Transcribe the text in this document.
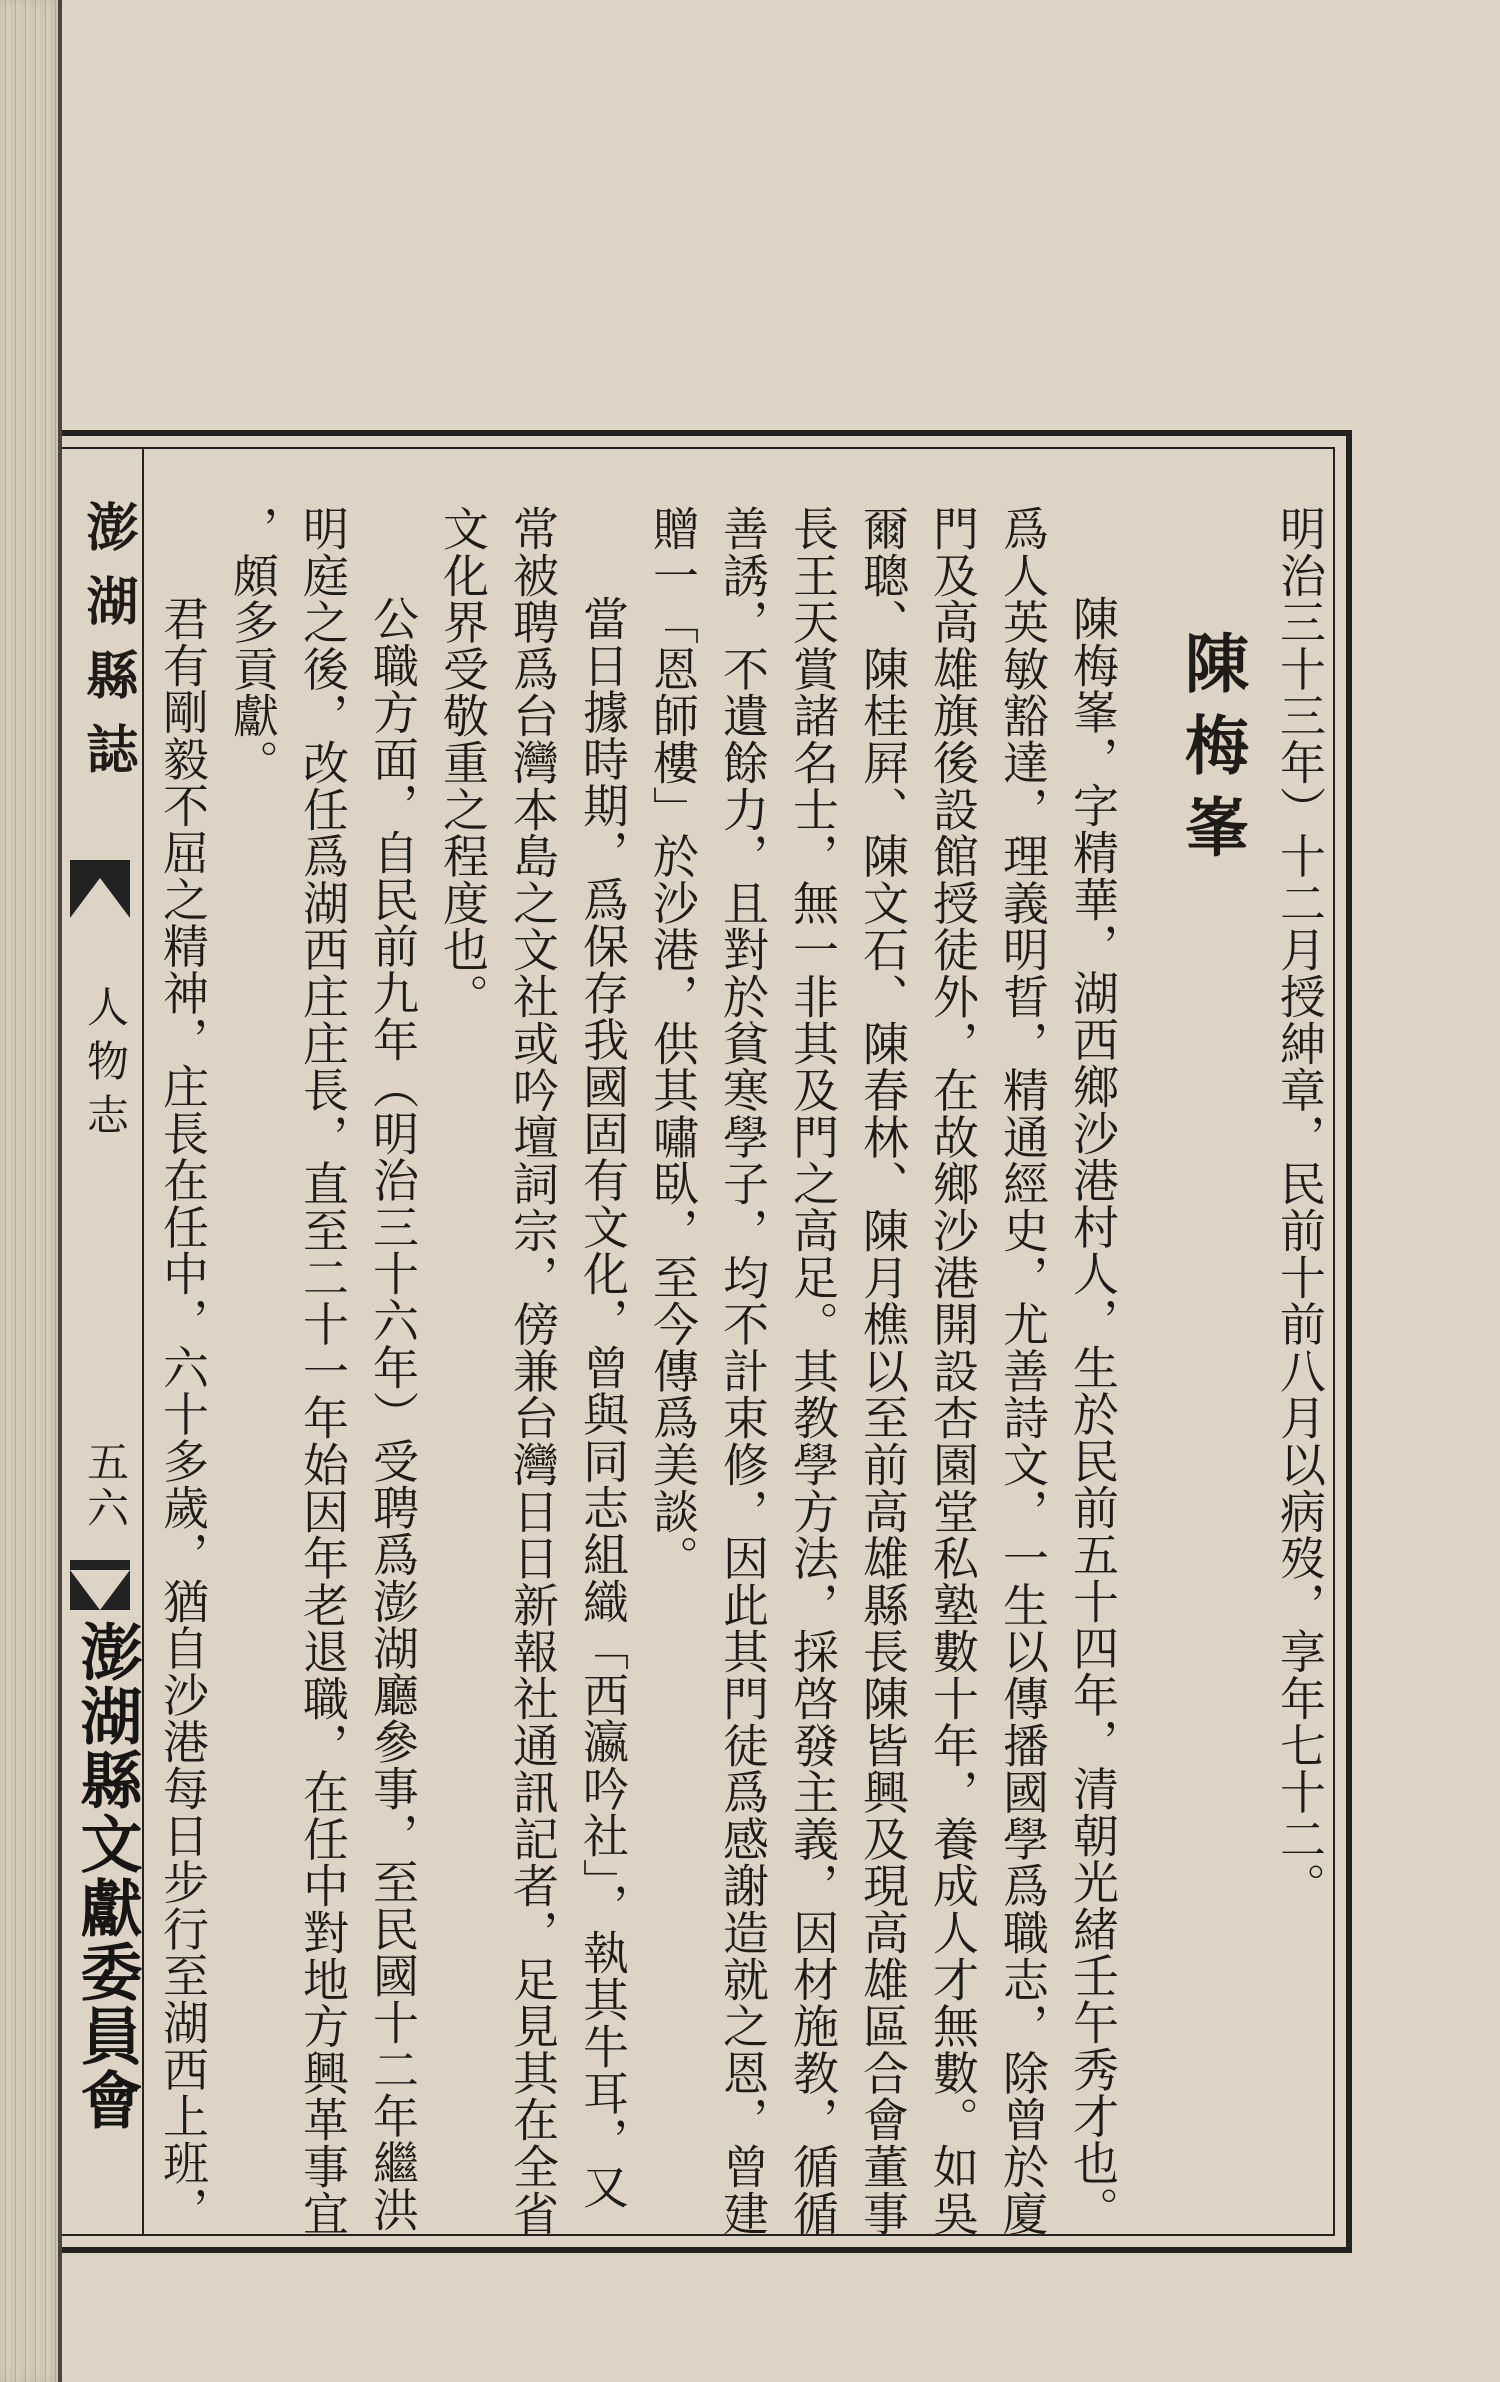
澎湖縣誌
人物志
五六
澎湖縣文獻委員會	明治三十三年）十二月授紳章，民前十前八月以病歿，享年七十二。
陳梅峯
陳梅峯，字精華，湖西鄉沙港村人，生於民前五十四年，清朝光緒壬午秀才也。
爲人英敏豁達，理義明晢，精通經史，尤善詩文，一生以傳播國學爲職志，除曾於廈
門及高雄旗後設館授徒外，在故鄉沙港開設杏園堂私塾數十年，養成人才無數。如吳
爾聰、陳桂屛、陳文石、陳春林、陳月樵以至前高雄縣長陳皆興及現高雄區合會董事
長王天賞諸名士，無一非其及門之高足。其教學方法，採啓發主義，因材施教，循循
善誘，不遺餘力，且對於貧寒學子，均不計束修，因此其門徒爲感謝造就之恩，曾建
贈一「恩師樓」於沙港，供其嘯臥，至今傳爲美談。
當日據時期，爲保存我國固有文化，曾與同志組織「西瀛吟社」，執其牛耳，又
常被聘爲台灣本島之文社或吟壇詞宗，傍兼台灣日日新報社通訊記者，足見其在全省
文化界受敬重之程度也。
公職方面，自民前九年（明治三十六年）受聘爲澎湖廳參事，至民國十二年繼洪
明庭之後，改任爲湖西庄庄長，直至二十一年始因年老退職，在任中對地方興革事宜
，頗多貢獻。
君有剛毅不屈之精神，庄長在任中，六十多歲，猶自沙港每日步行至湖西上班，
